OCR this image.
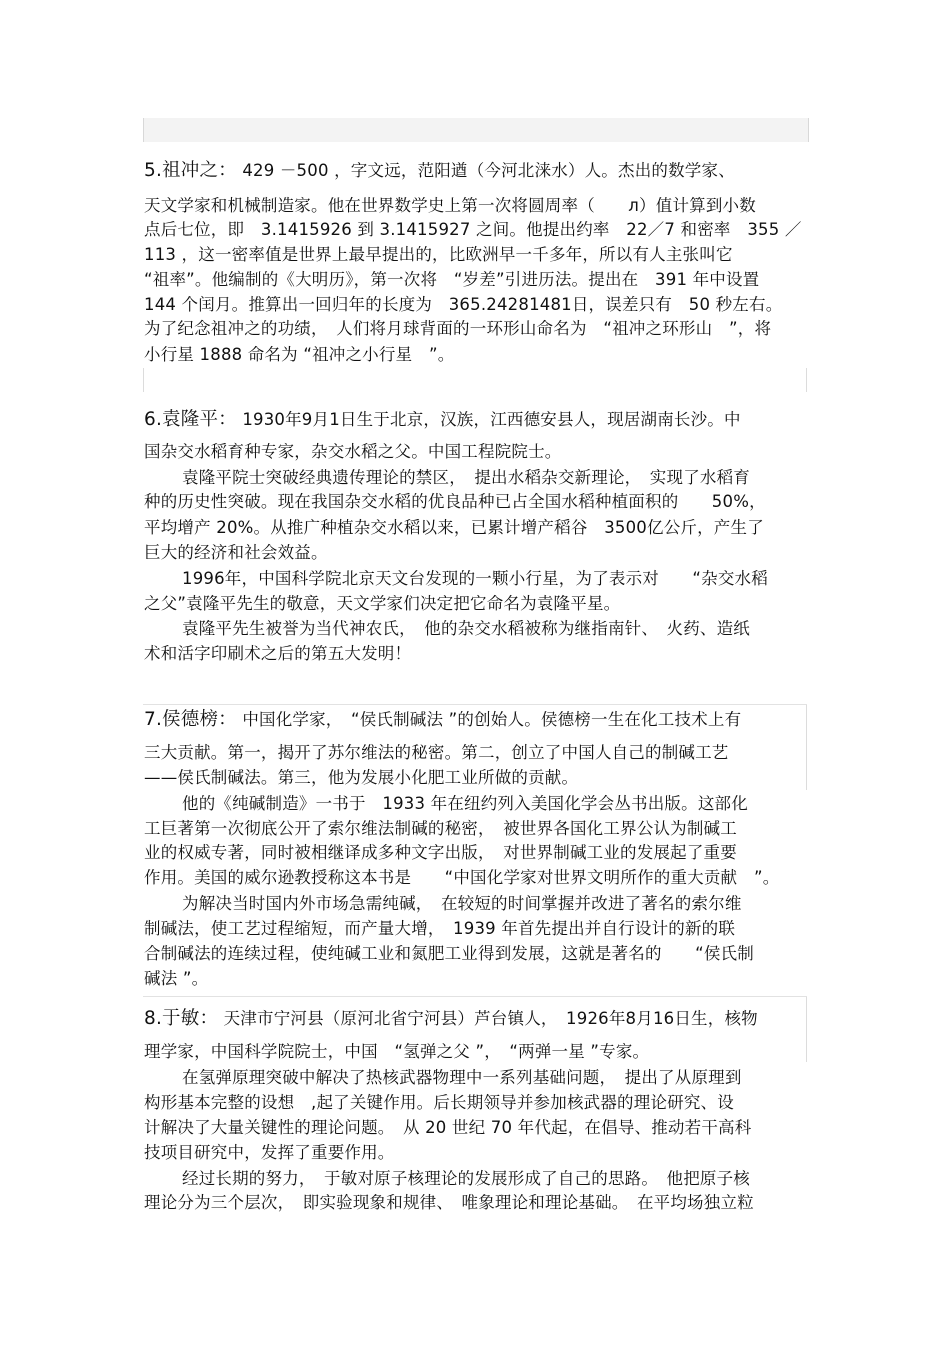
5.祖冲之： 429 －500 ，字文远，范阳遒（今河北涞水）人。杰出的数学家、
天文学家和机械制造家。他在世界数学史上第一次将圆周率（　　л）值计算到小数
点后七位，即　3.1415926 到 3.1415927 之间。他提出约率　22／7 和密率　355 ／
113 ，这一密率值是世界上最早提出的，比欧洲早一千多年，所以有人主张叫它
“祖率”。他编制的《大明历》，第一次将　“岁差”引进历法。提出在　391 年中设置
144 个闰月。推算出一回归年的长度为　365.24281481日，误差只有　50 秒左右。
为了纪念祖冲之的功绩，　人们将月球背面的一环形山命名为　“祖冲之环形山　”，将
小行星 1888 命名为 “祖冲之小行星　”。
6.袁隆平： 1930年9月1日生于北京，汉族，江西德安县人，现居湖南长沙。中
国杂交水稻育种专家，杂交水稻之父。中国工程院院士。
袁隆平院士突破经典遗传理论的禁区，　提出水稻杂交新理论，　实现了水稻育
种的历史性突破。现在我国杂交水稻的优良品种已占全国水稻种植面积的　　50%，
平均增产 20%。从推广种植杂交水稻以来，已累计增产稻谷　3500亿公斤，产生了
巨大的经济和社会效益。
1996年，中国科学院北京天文台发现的一颗小行星，为了表示对　　“杂交水稻
之父”袁隆平先生的敬意，天文学家们决定把它命名为袁隆平星。
袁隆平先生被誉为当代神农氏，　他的杂交水稻被称为继指南针、　火药、造纸
术和活字印刷术之后的第五大发明！
7.侯德榜： 中国化学家，　“侯氏制碱法 ”的创始人。侯德榜一生在化工技术上有
三大贡献。第一，揭开了苏尔维法的秘密。第二，创立了中国人自己的制碱工艺
——侯氏制碱法。第三，他为发展小化肥工业所做的贡献。
他的《纯碱制造》一书于　1933 年在纽约列入美国化学会丛书出版。这部化
工巨著第一次彻底公开了索尔维法制碱的秘密，　被世界各国化工界公认为制碱工
业的权威专著，同时被相继译成多种文字出版，　对世界制碱工业的发展起了重要
作用。美国的威尔逊教授称这本书是　　“中国化学家对世界文明所作的重大贡献　”。
为解决当时国内外市场急需纯碱，　在较短的时间掌握并改进了著名的索尔维
制碱法，使工艺过程缩短，而产量大增，　1939 年首先提出并自行设计的新的联
合制碱法的连续过程，使纯碱工业和氮肥工业得到发展，这就是著名的　　“侯氏制
碱法 ”。
8.于敏： 天津市宁河县（原河北省宁河县）芦台镇人，　1926年8月16日生，核物
理学家，中国科学院院士，中国　“氢弹之父 ”，　“两弹一星 ”专家。
在氢弹原理突破中解决了热核武器物理中一系列基础问题，　提出了从原理到
构形基本完整的设想　,起了关键作用。后长期领导并参加核武器的理论研究、设
计解决了大量关键性的理论问题。　从 20 世纪 70 年代起，在倡导、推动若干高科
技项目研究中，发挥了重要作用。
经过长期的努力，　于敏对原子核理论的发展形成了自己的思路。　他把原子核
理论分为三个层次，　即实验现象和规律、　唯象理论和理论基础。　在平均场独立粒
